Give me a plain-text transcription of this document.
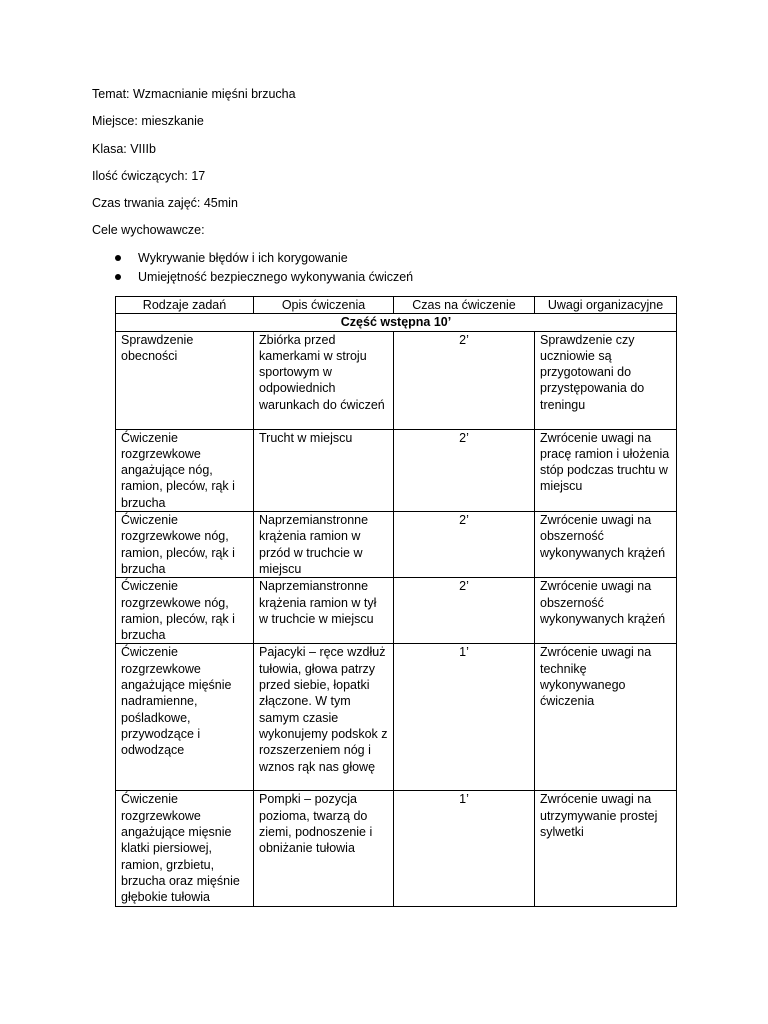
Temat: Wzmacnianie mięśni brzucha

Miejsce: mieszkanie

Klasa: VIIIb

Ilość ćwiczących: 17

Czas trwania zajęć: 45min

Cele wychowawcze:

Wykrywanie błędów i ich korygowanie
Umiejętność bezpiecznego wykonywania ćwiczeń
Rodzaje zadań	Opis ćwiczenia	Czas na ćwiczenie	Uwagi organizacyjne
Część wstępna 10’			
Sprawdzenie obecności	Zbiórka przed kamerkami w stroju sportowym w odpowiednich warunkach do ćwiczeń	2’	Sprawdzenie czy uczniowie są przygotowani do przystępowania do treningu
Ćwiczenie rozgrzewkowe angażujące nóg, ramion, pleców, rąk i brzucha	Trucht w miejscu	2’	Zwrócenie uwagi na pracę ramion i ułożenia stóp podczas truchtu w miejscu
Ćwiczenie rozgrzewkowe nóg, ramion, pleców, rąk i brzucha	Naprzemianstronne krążenia ramion w przód w truchcie w miejscu	2’	Zwrócenie uwagi na obszerność wykonywanych krążeń
Ćwiczenie rozgrzewkowe nóg, ramion, pleców, rąk i brzucha	Naprzemianstronne krążenia ramion w tył w truchcie w miejscu	2’	Zwrócenie uwagi na obszerność wykonywanych krążeń
Ćwiczenie rozgrzewkowe angażujące mięśnie nadramienne, pośladkowe, przywodzące i odwodzące	Pajacyki – ręce wzdłuż tułowia, głowa patrzy przed siebie, łopatki złączone. W tym samym czasie wykonujemy podskok z rozszerzeniem nóg i wznos rąk nas głowę	1’	Zwrócenie uwagi na technikę wykonywanego ćwiczenia
Ćwiczenie rozgrzewkowe angażujące mięsnie klatki piersiowej, ramion, grzbietu, brzucha oraz mięśnie głębokie tułowia	Pompki – pozycja poziomа, twarzą do ziemi, podnoszenie i obniżanie tułowia	1’	Zwrócenie uwagi na utrzymywanie prostej sylwetki
